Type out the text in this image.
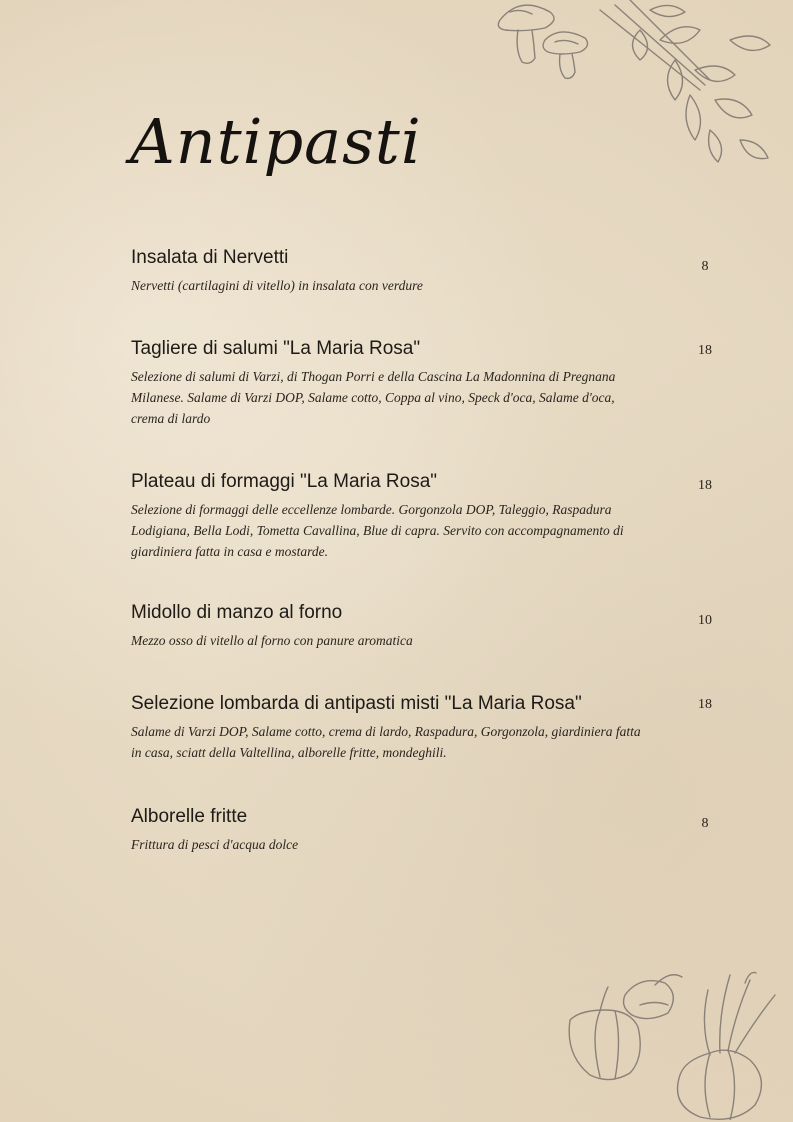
Antipasti
Insalata di Nervetti
Nervetti (cartilagini di vitello) in insalata con verdure
8
Tagliere di salumi "La Maria Rosa"
Selezione di salumi di Varzi, di Thogan Porri e della Cascina La Madonnina di Pregnana Milanese. Salame di Varzi DOP, Salame cotto, Coppa al vino, Speck d'oca, Salame d'oca, crema di lardo
18
Plateau di formaggi "La Maria Rosa"
Selezione di formaggi delle eccellenze lombarde. Gorgonzola DOP, Taleggio, Raspadura Lodigiana, Bella Lodi, Tometta Cavallina, Blue di capra. Servito con accompagnamento di giardiniera fatta in casa e mostarde.
18
Midollo di manzo al forno
Mezzo osso di vitello al forno con panure aromatica
10
Selezione lombarda di antipasti misti "La Maria Rosa"
Salame di Varzi DOP, Salame cotto, crema di lardo, Raspadura, Gorgonzola, giardiniera fatta in casa, sciatt della Valtellina, alborelle fritte, mondeghili.
18
Alborelle fritte
Frittura di pesci d'acqua dolce
8
